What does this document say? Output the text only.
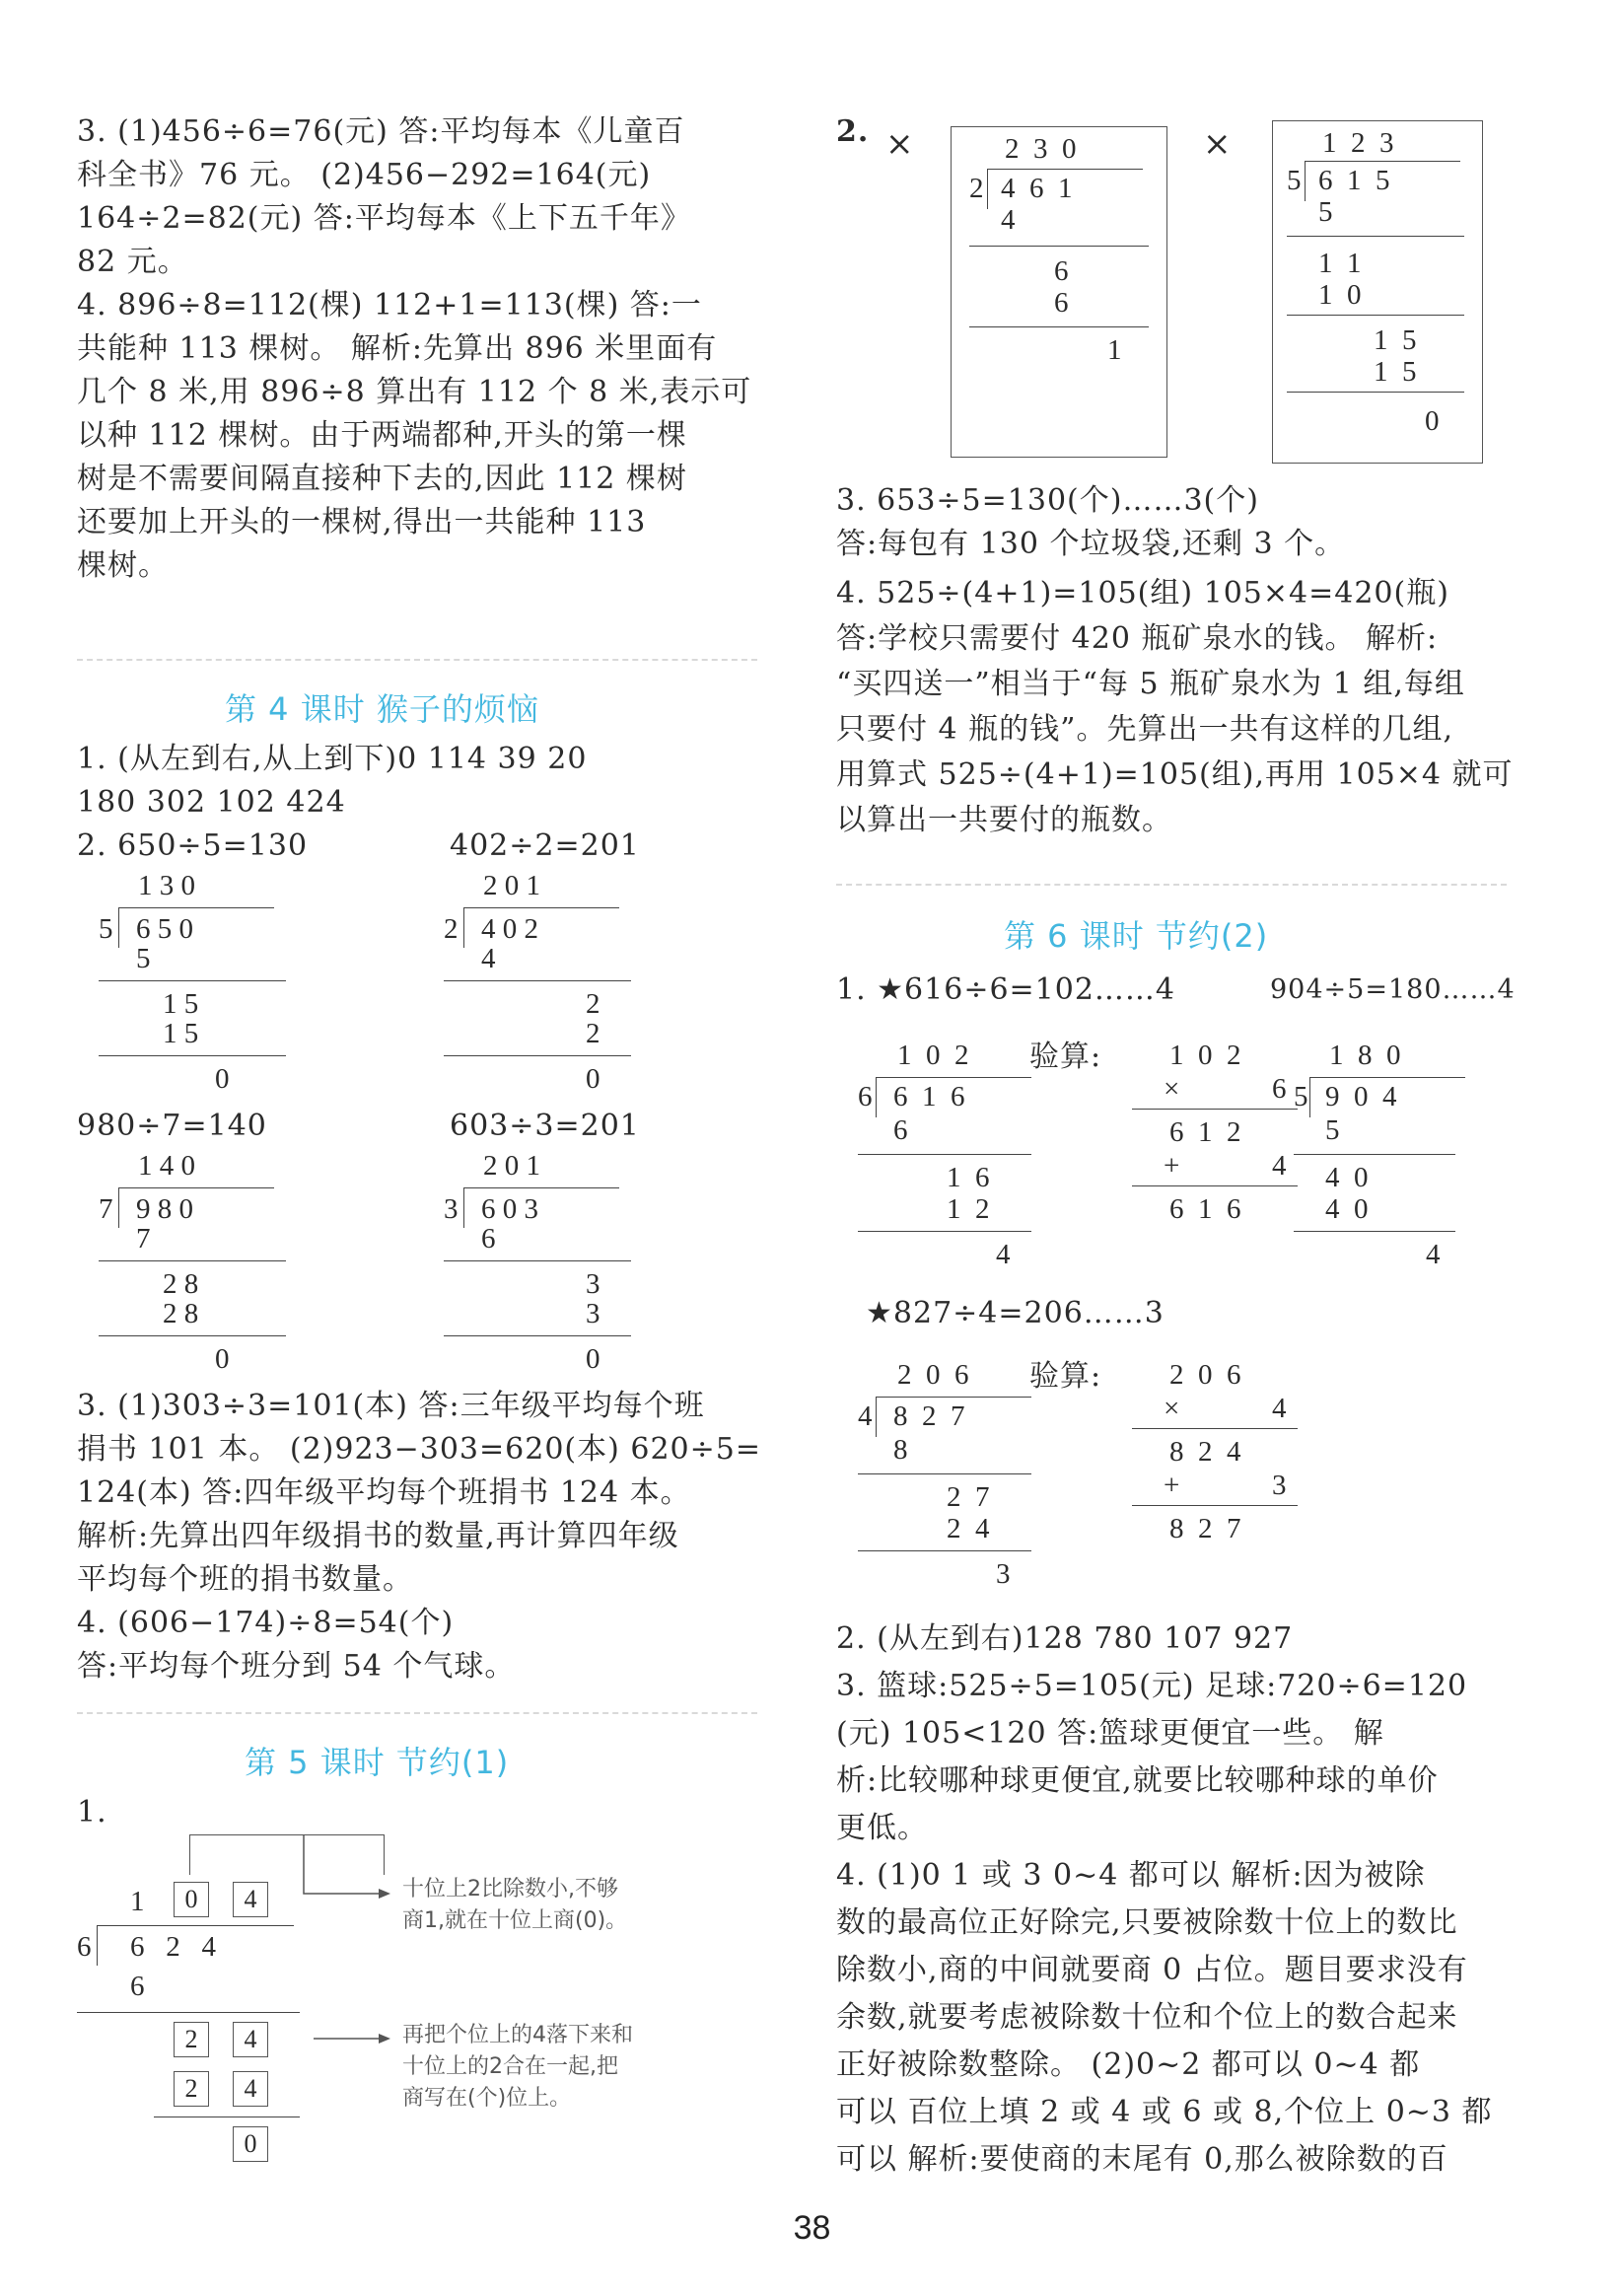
3. (1)456÷6=76(元) 答:平均每本《儿童百
科全书》76 元。 (2)456−292=164(元)
164÷2=82(元) 答:平均每本《上下五千年》
82 元。
4. 896÷8=112(棵) 112+1=113(棵) 答:一
共能种 113 棵树。 解析:先算出 896 米里面有
几个 8 米,用 896÷8 算出有 112 个 8 米,表示可
以种 112 棵树。由于两端都种,开头的第一棵
树是不需要间隔直接种下去的,因此 112 棵树
还要加上开头的一棵树,得出一共能种 113
棵树。
第 4 课时 猴子的烦恼
1. (从左到右,从上到下)0 114 39 20
180 302 102 424
2. 650÷5=130	402÷2=201
1 3 0
5 6 5 0
5
1 5
1 5
0
2 0 1
2 4 0 2
4
2
2
0
980÷7=140	603÷3=201
1 4 0
7 9 8 0
7
2 8
2 8
0
2 0 1
3 6 0 3
6
3
3
0
3. (1)303÷3=101(本) 答:三年级平均每个班
捐书 101 本。 (2)923−303=620(本) 620÷5=
124(本) 答:四年级平均每个班捐书 124 本。
解析:先算出四年级捐书的数量,再计算四年级
平均每个班的捐书数量。
4. (606−174)÷8=54(个)
答:平均每个班分到 54 个气球。
第 5 课时 节约(1)
1.
1	0	4
6 6   2   4
6
2	4
2	4
0
十位上2比除数小,不够
商1,就在十位上商(0)。
再把个位上的4落下来和
十位上的2合在一起,把
商写在(个)位上。
2. ×	×
2  3  0
2 4  6  1
4
6
6
1
1  2  3
5 6  1  5
5
1  1
1  0
1  5
1  5
0
3. 653÷5=130(个)……3(个)
答:每包有 130 个垃圾袋,还剩 3 个。
4. 525÷(4+1)=105(组) 105×4=420(瓶)
答:学校只需要付 420 瓶矿泉水的钱。 解析:
“买四送一”相当于“每 5 瓶矿泉水为 1 组,每组
只要付 4 瓶的钱”。先算出一共有这样的几组,
用算式 525÷(4+1)=105(组),再用 105×4 就可
以算出一共要付的瓶数。
第 6 课时 节约(2)
1. ★616÷6=102……4	904÷5=180……4
1  0  2
6 6  1  6
6
1  6
1  2
4
验算: 1  0  2
×	6
6  1  2
+	4
6  1  6
1  8  0
5 9  0  4
5
4  0
4  0
4
★827÷4=206……3
2  0  6
4 8  2  7
8
2  7
2  4
3
验算: 2  0  6
×	4
8  2  4
+	3
8  2  7
2. (从左到右)128 780 107 927
3. 篮球:525÷5=105(元) 足球:720÷6=120
(元) 105<120 答:篮球更便宜一些。 解
析:比较哪种球更便宜,就要比较哪种球的单价
更低。
4. (1)0 1 或 3 0~4 都可以 解析:因为被除
数的最高位正好除完,只要被除数十位上的数比
除数小,商的中间就要商 0 占位。题目要求没有
余数,就要考虑被除数十位和个位上的数合起来
正好被除数整除。 (2)0~2 都可以 0~4 都
可以 百位上填 2 或 4 或 6 或 8,个位上 0~3 都
可以 解析:要使商的末尾有 0,那么被除数的百
38
